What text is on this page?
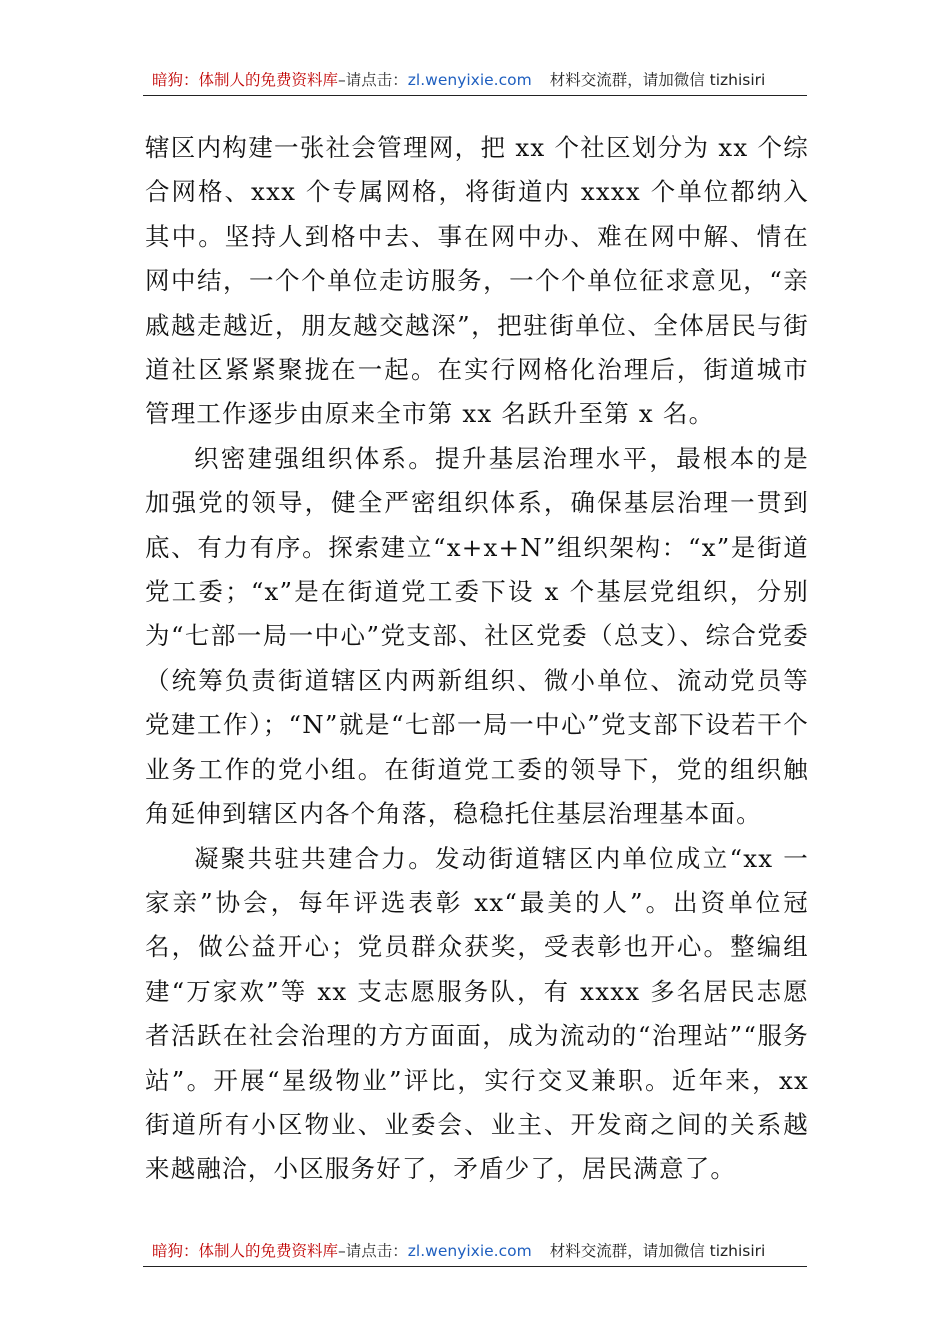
暗狗：体制人的免费资料库–请点击：zl.wenyixie.com 材料交流群，请加微信 tizhisiri

辖区内构建一张社会管理网，把 xx 个社区划分为 xx 个综合网格、xxx 个专属网格，将街道内 xxxx 个单位都纳入其中。坚持人到格中去、事在网中办、难在网中解、情在网中结，一个个单位走访服务，一个个单位征求意见，“亲戚越走越近，朋友越交越深”，把驻街单位、全体居民与街道社区紧紧聚拢在一起。在实行网格化治理后，街道城市管理工作逐步由原来全市第 xx 名跃升至第 x 名。

织密建强组织体系。提升基层治理水平，最根本的是加强党的领导，健全严密组织体系，确保基层治理一贯到底、有力有序。探索建立“x+x+N”组织架构：“x”是街道党工委；“x”是在街道党工委下设 x 个基层党组织，分别为“七部一局一中心”党支部、社区党委（总支）、综合党委（统筹负责街道辖区内两新组织、微小单位、流动党员等党建工作）；“N”就是“七部一局一中心”党支部下设若干个业务工作的党小组。在街道党工委的领导下，党的组织触角延伸到辖区内各个角落，稳稳托住基层治理基本面。

凝聚共驻共建合力。发动街道辖区内单位成立“xx 一家亲”协会，每年评选表彰 xx“最美的人”。出资单位冠名，做公益开心；党员群众获奖，受表彰也开心。整编组建“万家欢”等 xx 支志愿服务队，有 xxxx 多名居民志愿者活跃在社会治理的方方面面，成为流动的“治理站”“服务站”。开展“星级物业”评比，实行交叉兼职。近年来，xx 街道所有小区物业、业委会、业主、开发商之间的关系越来越融洽，小区服务好了，矛盾少了，居民满意了。

暗狗：体制人的免费资料库–请点击：zl.wenyixie.com 材料交流群，请加微信 tizhisiri
